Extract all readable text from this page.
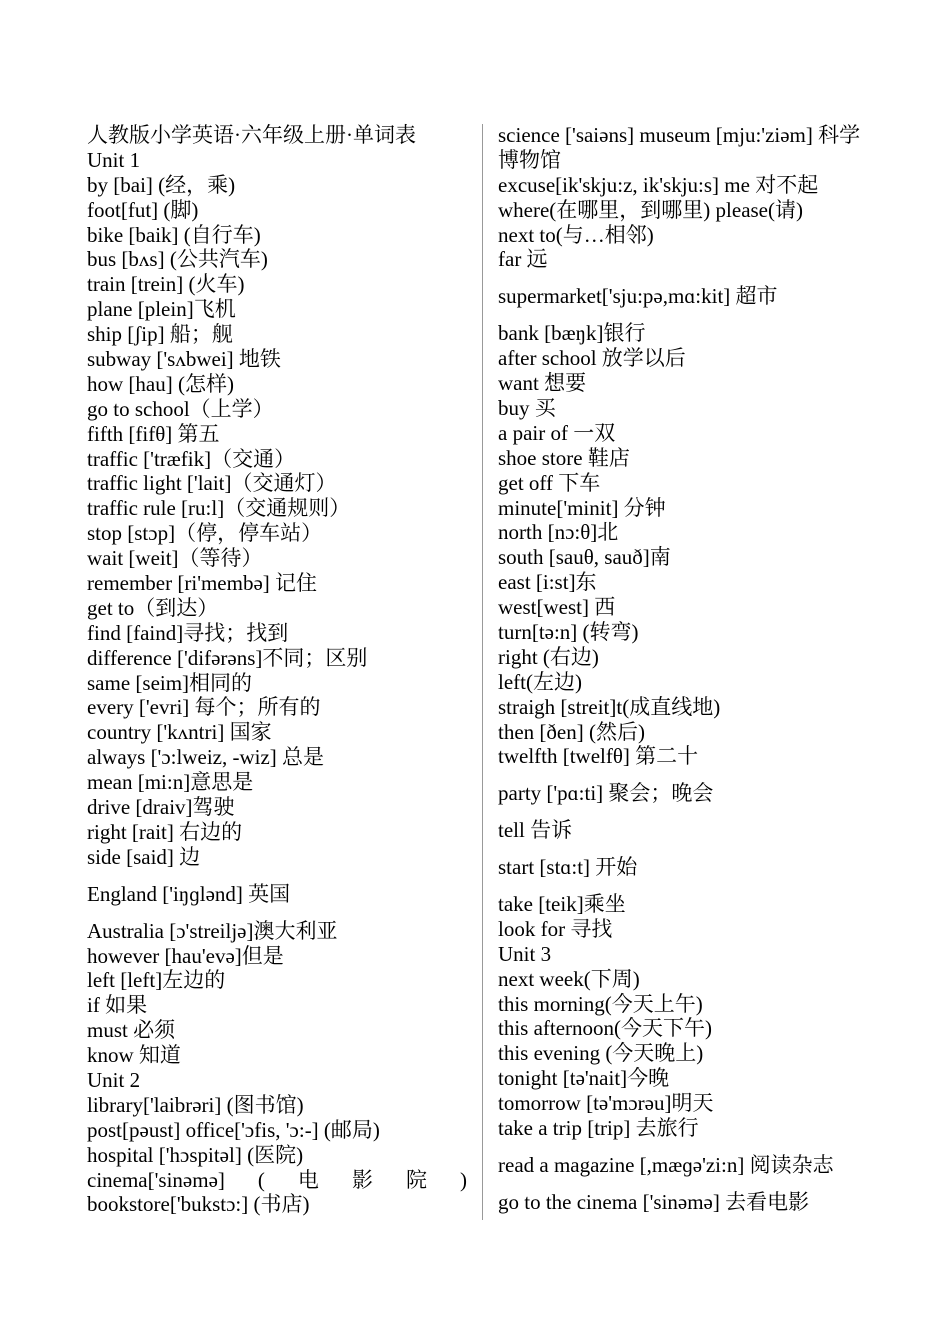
人教版小学英语·六年级上册·单词表
Unit 1
by [bai] (经，乘)
foot[fut] (脚)
bike [baik] (自行车)
bus [bʌs] (公共汽车)
train [trein] (火车)
plane [plein]飞机
ship [ʃip] 船；舰
subway ['sʌbwei] 地铁
how [hau] (怎样)
go to school（上学）
fifth [fifθ] 第五
traffic ['træfik]（交通）
traffic light ['lait]（交通灯）
traffic rule [ru:l]（交通规则）
stop [stɔp]（停，停车站）
wait [weit]（等待）
remember [ri'membə] 记住
get to（到达）
find [faind]寻找；找到
difference ['difərəns]不同；区别
same [seim]相同的
every ['evri] 每个；所有的
country ['kʌntri] 国家
always ['ɔ:lweiz, -wiz] 总是
mean [mi:n]意思是
drive [draiv]驾驶
right [rait] 右边的
side [said] 边
England ['iŋɡlənd] 英国
Australia [ɔ'streiljə]澳大利亚
however [hau'evə]但是
left [left]左边的
if 如果
must 必须
know 知道
Unit 2
library['laibrəri] (图书馆)
post[pəust] office['ɔfis, 'ɔ:-] (邮局)
hospital ['hɔspitəl] (医院)
cinema['sinəmə] ( 电 影 院 )
bookstore['bukstɔ:] (书店)
science ['saiəns] museum [mju:'ziəm] 科学博物馆
excuse[ik'skju:z, ik'skju:s] me 对不起
where(在哪里，到哪里) please(请)
next to(与…相邻)
far 远
supermarket['sju:pə,mɑ:kit] 超市
bank [bæŋk]银行
after school 放学以后
want 想要
buy 买
a pair of 一双
shoe store 鞋店
get off 下车
minute['minit] 分钟
north [nɔ:θ]北
south [sauθ, sauð]南
east [i:st]东
west[west] 西
turn[tə:n] (转弯)
right (右边)
left(左边)
straigh [streit]t(成直线地)
then [ðen] (然后)
twelfth [twelfθ] 第二十
party ['pɑ:ti] 聚会；晚会
tell 告诉
start [stɑ:t] 开始
take [teik]乘坐
look for 寻找
Unit 3
next week(下周)
this morning(今天上午)
this afternoon(今天下午)
this evening (今天晚上)
tonight [tə'nait]今晚
tomorrow [tə'mɔrəu]明天
take a trip [trip] 去旅行
read a magazine [,mæɡə'zi:n] 阅读杂志
go to the cinema ['sinəmə] 去看电影
